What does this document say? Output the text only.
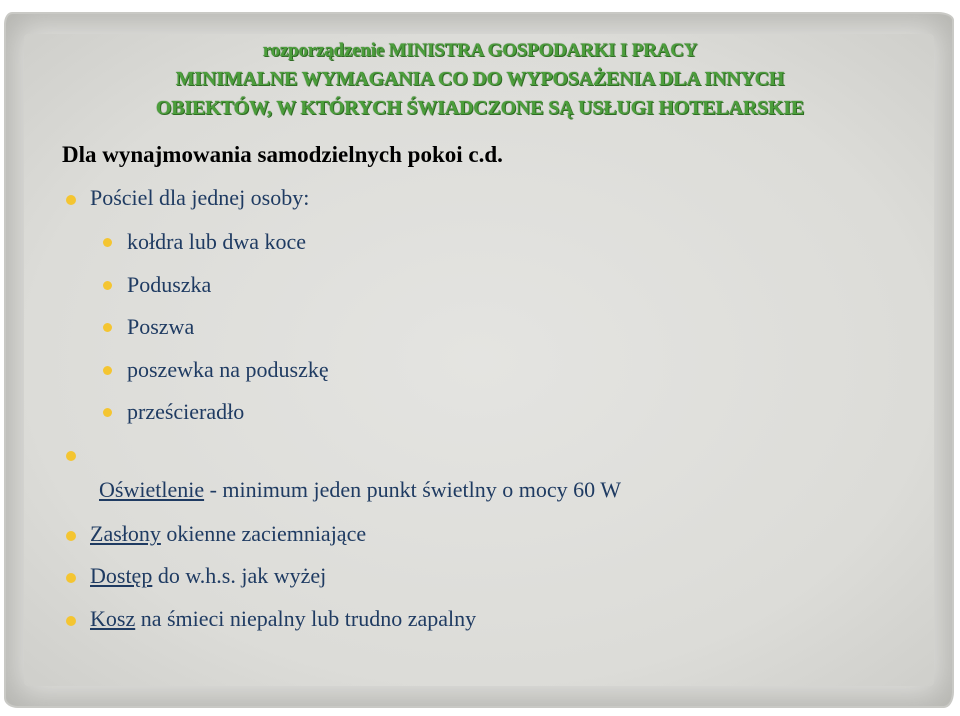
rozporządzenie MINISTRA GOSPODARKI I PRACY
MINIMALNE WYMAGANIA CO DO WYPOSAŻENIA DLA INNYCH
OBIEKTÓW, W KTÓRYCH ŚWIADCZONE SĄ USŁUGI HOTELARSKIE
Dla wynajmowania samodzielnych pokoi c.d.
Pościel dla jednej osoby:
kołdra lub dwa koce
Poduszka
Poszwa
poszewka na poduszkę
prześcieradło
Oświetlenie - minimum jeden punkt świetlny o mocy 60 W
Zasłony okienne zaciemniające
Dostęp do w.h.s. jak wyżej
Kosz na śmieci niepalny lub trudno zapalny
